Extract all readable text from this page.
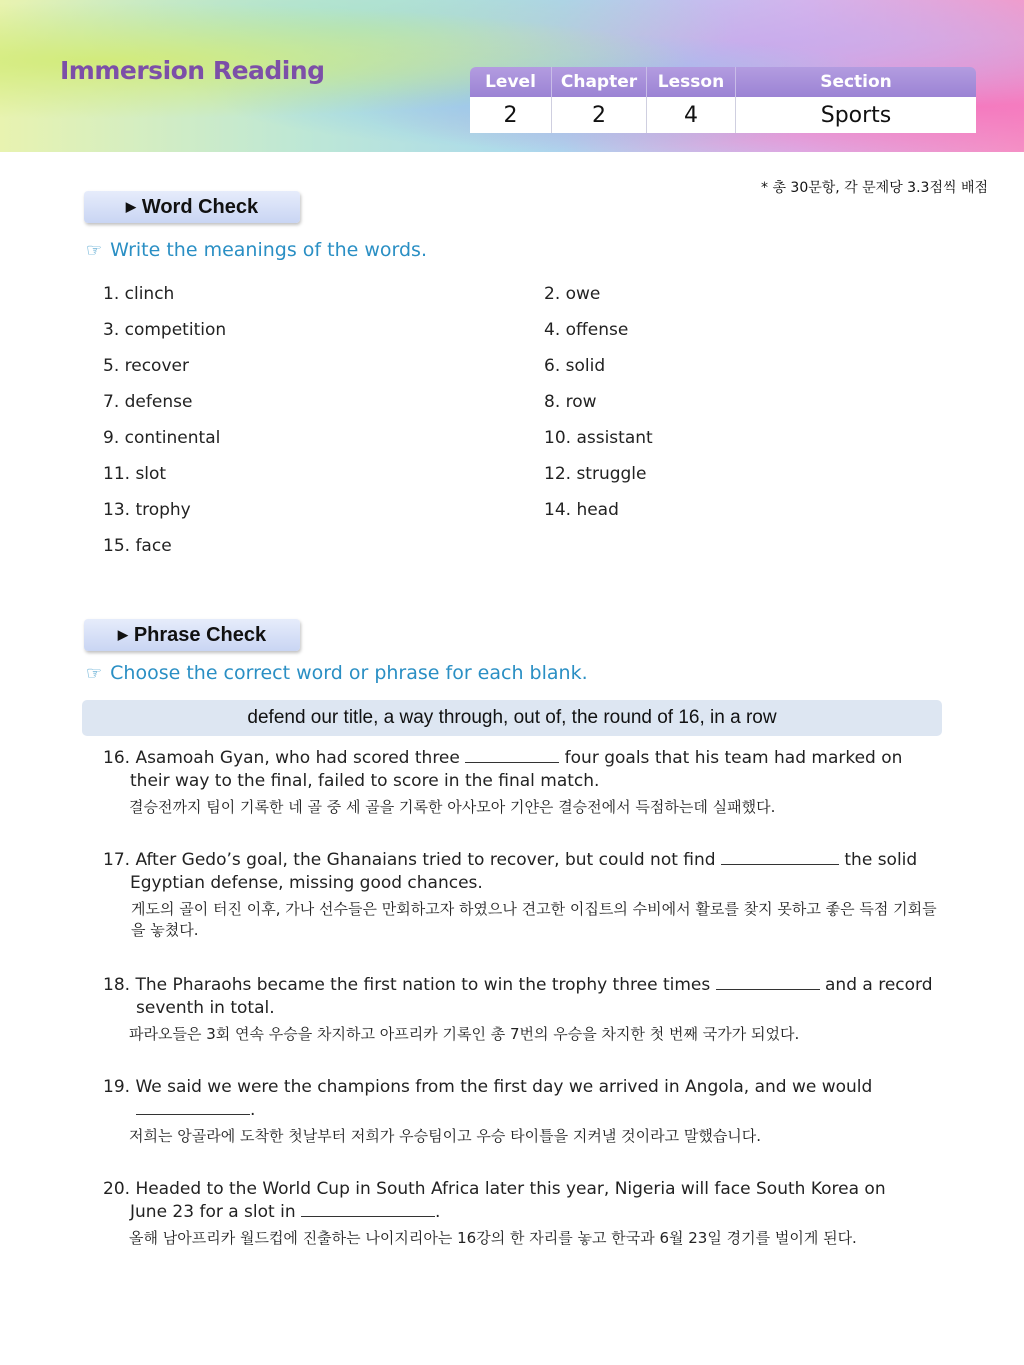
Immersion Reading	Level	Chapter	Lesson	Section
2	2	4	Sports
* 총 30문항, 각 문제당 3.3점씩 배점
▶ Word Check
☞ Write the meanings of the words.
1. clinch	2. owe
3. competition	4. offense
5. recover	6. solid
7. defense	8. row
9. continental	10. assistant
11. slot	12. struggle
13. trophy	14. head
15. face
▶ Phrase Check
☞ Choose the correct word or phrase for each blank.
defend our title, a way through, out of, the round of 16, in a row
16. Asamoah Gyan, who had scored three	four goals that his team had marked on
their way to the final, failed to score in the final match.
결승전까지 팀이 기록한 네 골 중 세 골을 기록한 아사모아 기얀은 결승전에서 득점하는데 실패했다.
17. After Gedo’s goal, the Ghanaians tried to recover, but could not find	the solid
Egyptian defense, missing good chances.
게도의 골이 터진 이후, 가나 선수들은 만회하고자 하였으나 견고한 이집트의 수비에서 활로를 찾지 못하고 좋은 득점 기회들을 놓쳤다.
18. The Pharaohs became the first nation to win the trophy three times	and a record
seventh in total.
파라오들은 3회 연속 우승을 차지하고 아프리카 기록인 총 7번의 우승을 차지한 첫 번째 국가가 되었다.
19. We said we were the champions from the first day we arrived in Angola, and we would
.
저희는 앙골라에 도착한 첫날부터 저희가 우승팀이고 우승 타이틀을 지켜낼 것이라고 말했습니다.
20. Headed to the World Cup in South Africa later this year, Nigeria will face South Korea on
June 23 for a slot in	.
올해 남아프리카 월드컵에 진출하는 나이지리아는 16강의 한 자리를 놓고 한국과 6월 23일 경기를 벌이게 된다.
